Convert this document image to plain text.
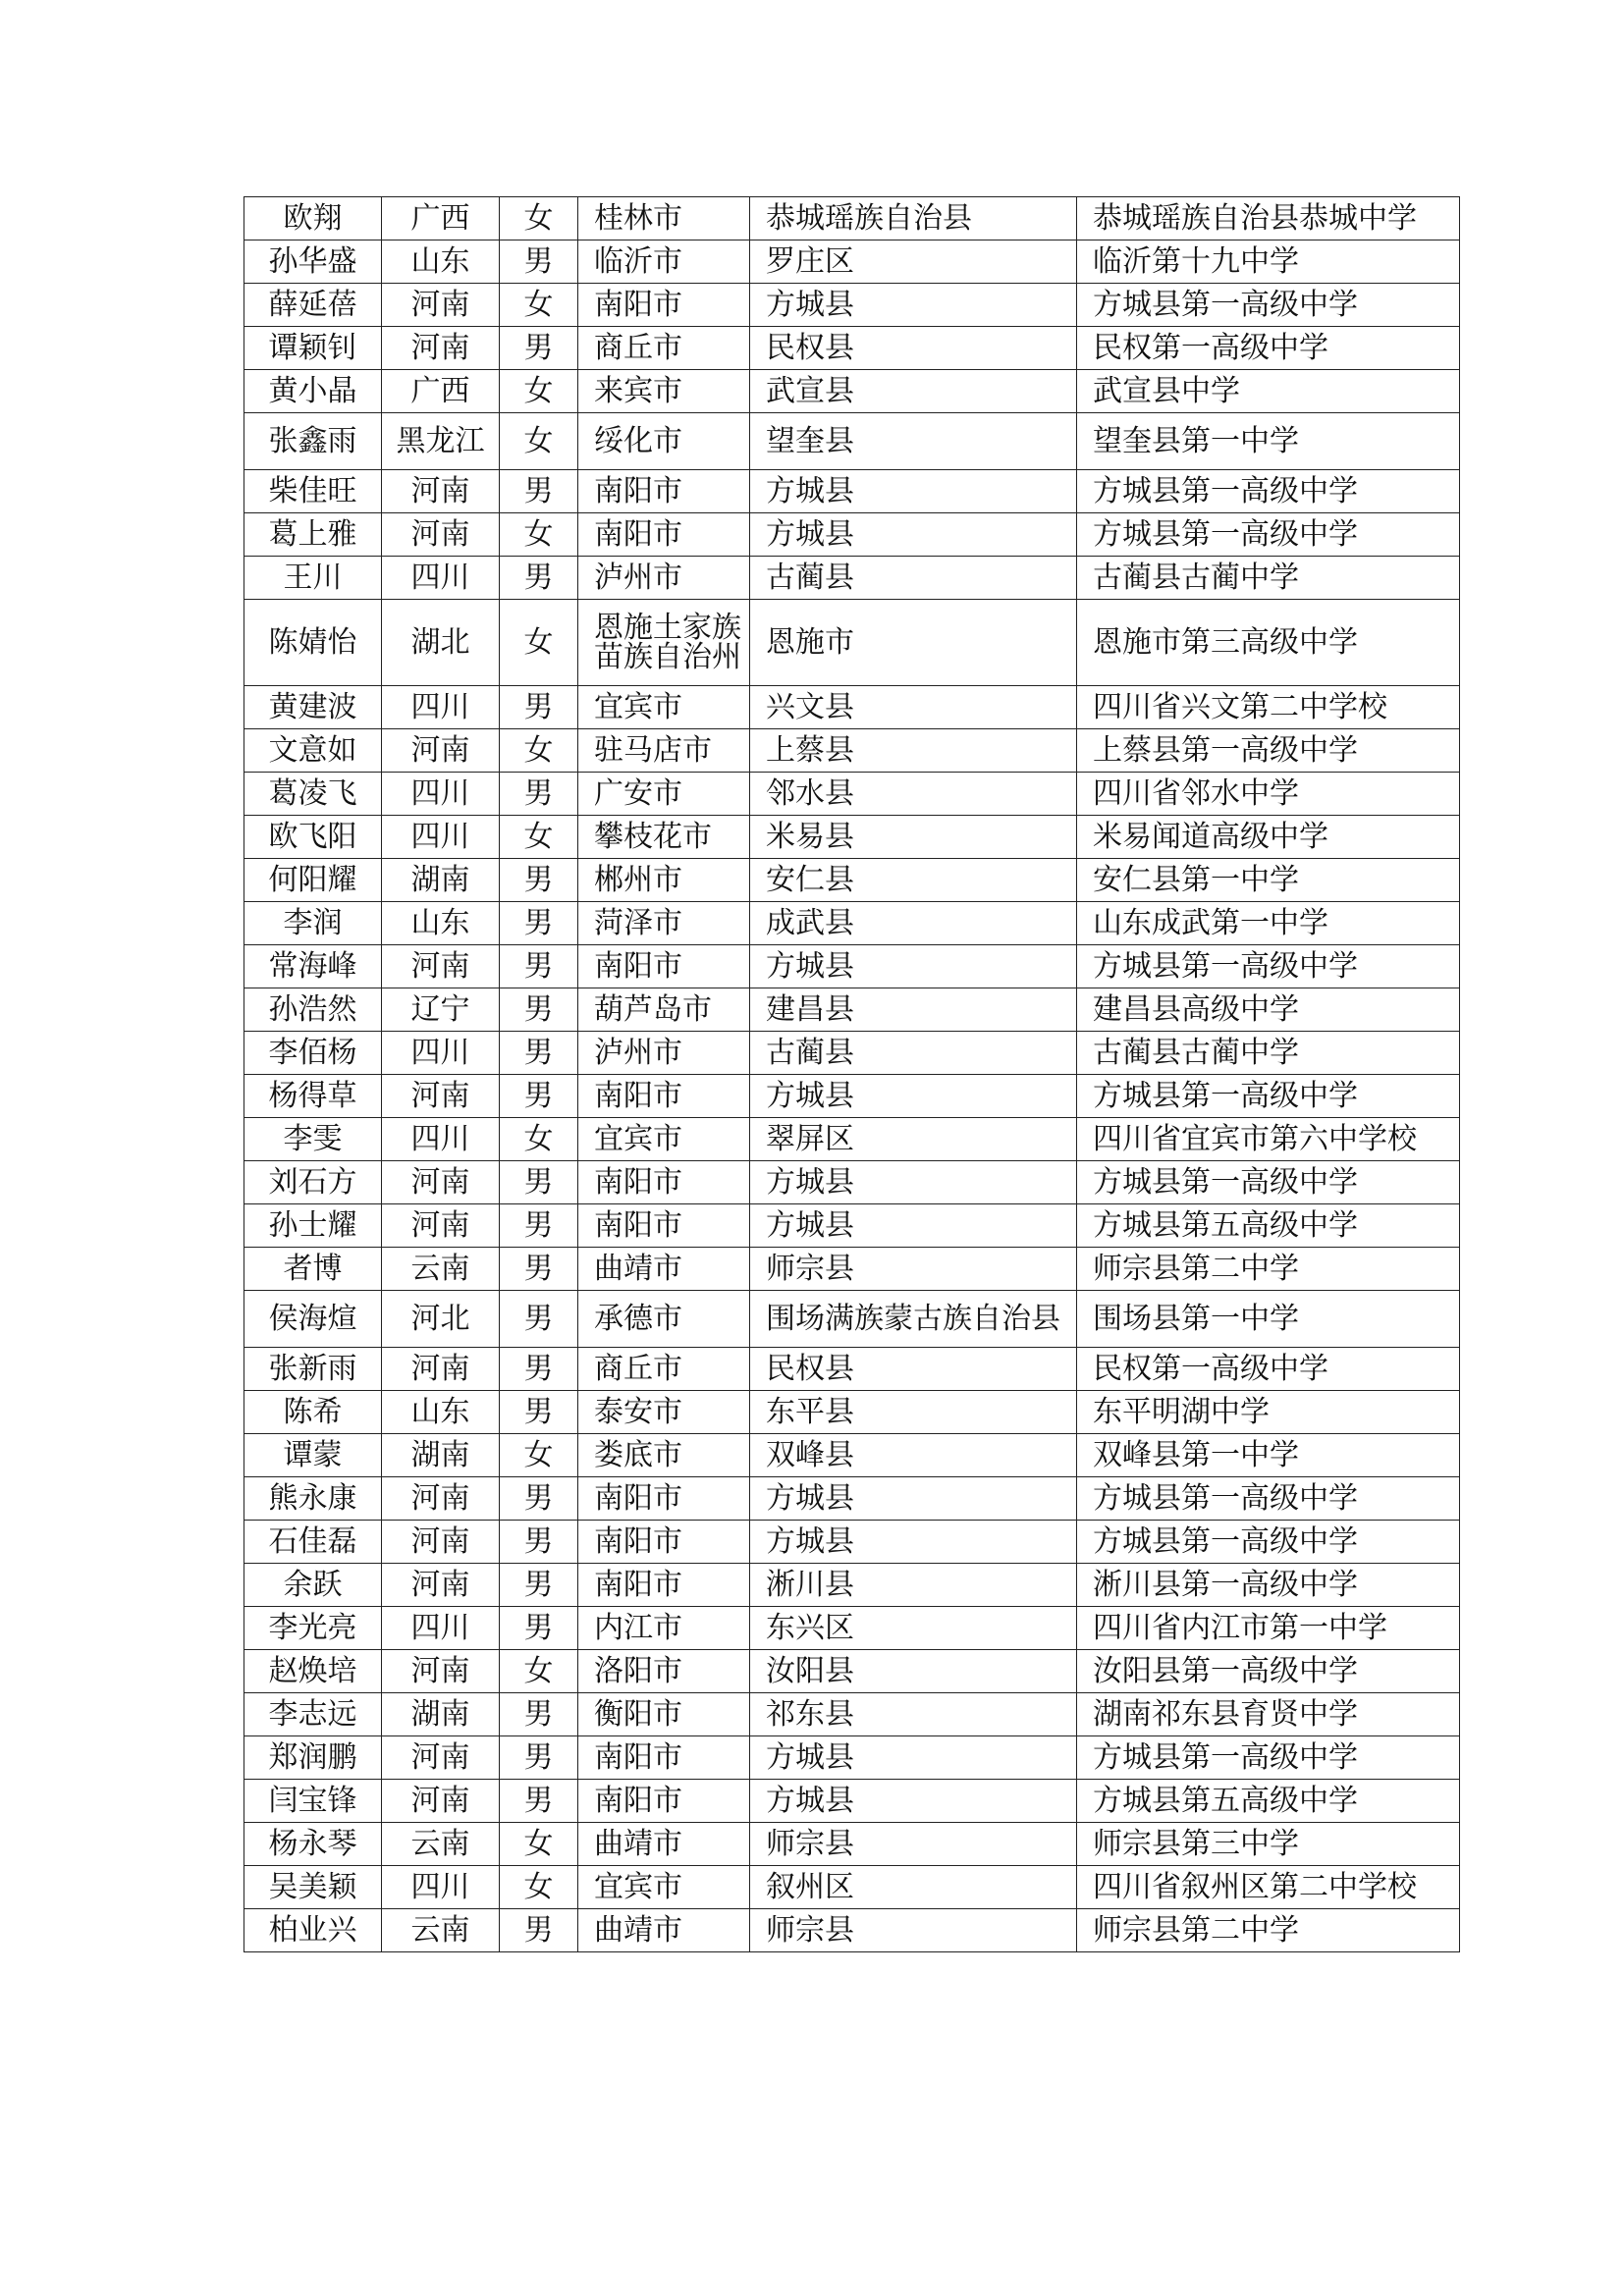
欧翔	广西	女	桂林市	恭城瑶族自治县	恭城瑶族自治县恭城中学
孙华盛	山东	男	临沂市	罗庄区	临沂第十九中学
薛延蓓	河南	女	南阳市	方城县	方城县第一高级中学
谭颖钊	河南	男	商丘市	民权县	民权第一高级中学
黄小晶	广西	女	来宾市	武宣县	武宣县中学
张鑫雨	黑龙江	女	绥化市	望奎县	望奎县第一中学
柴佳旺	河南	男	南阳市	方城县	方城县第一高级中学
葛上雅	河南	女	南阳市	方城县	方城县第一高级中学
王川	四川	男	泸州市	古蔺县	古蔺县古蔺中学
陈婧怡	湖北	女	恩施土家族苗族自治州	恩施市	恩施市第三高级中学
黄建波	四川	男	宜宾市	兴文县	四川省兴文第二中学校
文意如	河南	女	驻马店市	上蔡县	上蔡县第一高级中学
葛凌飞	四川	男	广安市	邻水县	四川省邻水中学
欧飞阳	四川	女	攀枝花市	米易县	米易闻道高级中学
何阳耀	湖南	男	郴州市	安仁县	安仁县第一中学
李润	山东	男	菏泽市	成武县	山东成武第一中学
常海峰	河南	男	南阳市	方城县	方城县第一高级中学
孙浩然	辽宁	男	葫芦岛市	建昌县	建昌县高级中学
李佰杨	四川	男	泸州市	古蔺县	古蔺县古蔺中学
杨得草	河南	男	南阳市	方城县	方城县第一高级中学
李雯	四川	女	宜宾市	翠屏区	四川省宜宾市第六中学校
刘石方	河南	男	南阳市	方城县	方城县第一高级中学
孙士耀	河南	男	南阳市	方城县	方城县第五高级中学
者博	云南	男	曲靖市	师宗县	师宗县第二中学
侯海煊	河北	男	承德市	围场满族蒙古族自治县	围场县第一中学
张新雨	河南	男	商丘市	民权县	民权第一高级中学
陈希	山东	男	泰安市	东平县	东平明湖中学
谭蒙	湖南	女	娄底市	双峰县	双峰县第一中学
熊永康	河南	男	南阳市	方城县	方城县第一高级中学
石佳磊	河南	男	南阳市	方城县	方城县第一高级中学
余跃	河南	男	南阳市	淅川县	淅川县第一高级中学
李光亮	四川	男	内江市	东兴区	四川省内江市第一中学
赵焕培	河南	女	洛阳市	汝阳县	汝阳县第一高级中学
李志远	湖南	男	衡阳市	祁东县	湖南祁东县育贤中学
郑润鹏	河南	男	南阳市	方城县	方城县第一高级中学
闫宝锋	河南	男	南阳市	方城县	方城县第五高级中学
杨永琴	云南	女	曲靖市	师宗县	师宗县第三中学
吴美颖	四川	女	宜宾市	叙州区	四川省叙州区第二中学校
柏业兴	云南	男	曲靖市	师宗县	师宗县第二中学
